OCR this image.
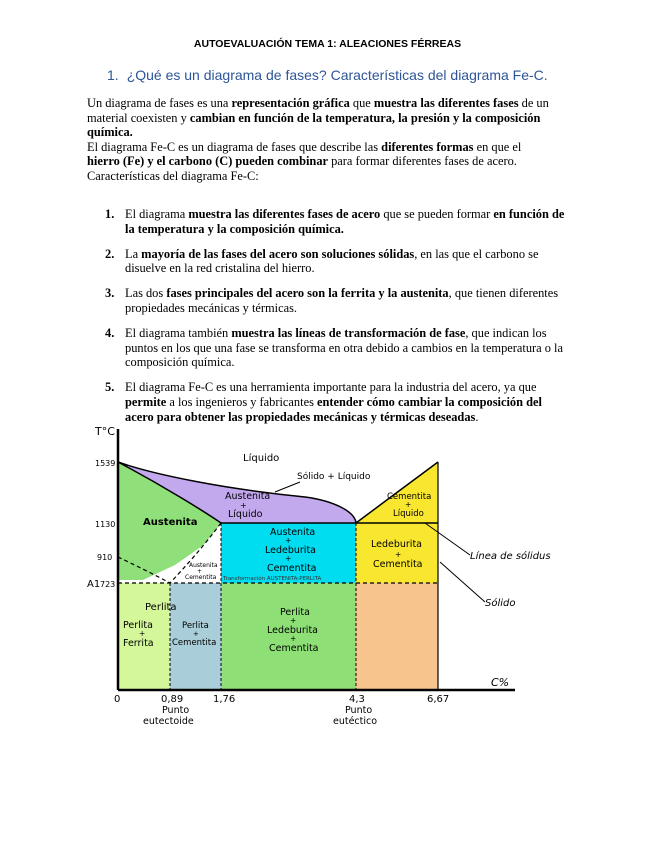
AUTOEVALUACIÓN TEMA 1: ALEACIONES FÉRREAS
1. ¿Qué es un diagrama de fases? Características del diagrama Fe-C.

Un diagrama de fases es una representación gráfica que muestra las diferentes fases de un material coexisten y cambian en función de la temperatura, la presión y la composición química.

El diagrama Fe-C es un diagrama de fases que describe las diferentes formas en que el hierro (Fe) y el carbono (C) pueden combinar para formar diferentes fases de acero.

Características del diagrama Fe-C:

1. El diagrama muestra las diferentes fases de acero que se pueden formar en función de la temperatura y la composición química.
2. La mayoría de las fases del acero son soluciones sólidas, en las que el carbono se disuelve en la red cristalina del hierro.
3. Las dos fases principales del acero son la ferrita y la austenita, que tienen diferentes propiedades mecánicas y térmicas.
4. El diagrama también muestra las líneas de transformación de fase, que indican los puntos en los que una fase se transforma en otra debido a cambios en la temperatura o la composición química.
5. El diagrama Fe-C es una herramienta importante para la industria del acero, ya que permite a los ingenieros y fabricantes entender cómo cambiar la composición del acero para obtener las propiedades mecánicas y térmicas deseadas.
T°C
C%
1539
1130
910
A1 723
0	0,89	1,76	4,3	6,67
Punto
eutectoide
Punto
eutéctico
Líquido
Sólido + Líquido
Austenita
+
Líquido
Cementita
+
Líquido
Austenita
Austenita
+
Ledeburita
+
Cementita
Ledeburita
+
Cementita
Austenita
+
Cementita Transformación AUSTENITA-PERLITA
Perlita
Perlita
+
Ferrita
Perlita
+
Cementita
Perlita
+
Ledeburita
+
Cementita
Línea de sólidus
Sólido
